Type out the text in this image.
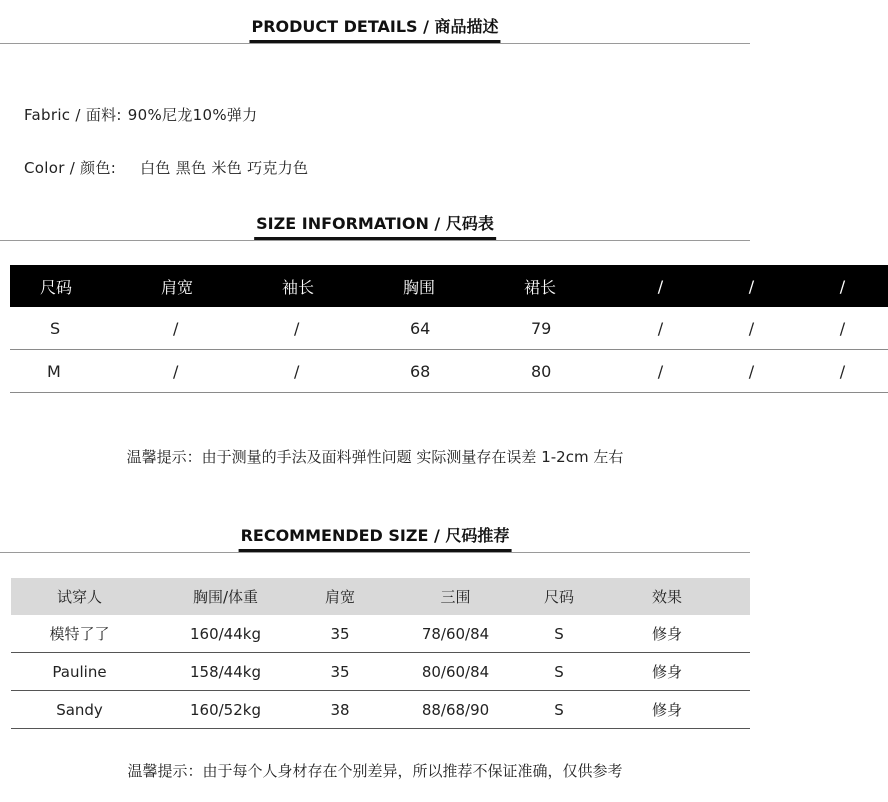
PRODUCT DETAILS / 商品描述
Fabric / 面料: 90%尼龙10%弹力
Color / 颜色: 白色 黑色 米色 巧克力色
SIZE INFORMATION / 尺码表
尺码	肩宽	袖长	胸围	裙长	/	/	/
S	/	/	64	79	/	/	/
M	/	/	68	80	/	/	/
温馨提示：由于测量的手法及面料弹性问题 实际测量存在误差 1-2cm 左右
RECOMMENDED SIZE / 尺码推荐
试穿人	胸围/体重	肩宽	三围	尺码	效果
模特了了	160/44kg	35	78/60/84	S	修身
Pauline	158/44kg	35	80/60/84	S	修身
Sandy	160/52kg	38	88/68/90	S	修身
温馨提示：由于每个人身材存在个别差异，所以推荐不保证准确，仅供参考
